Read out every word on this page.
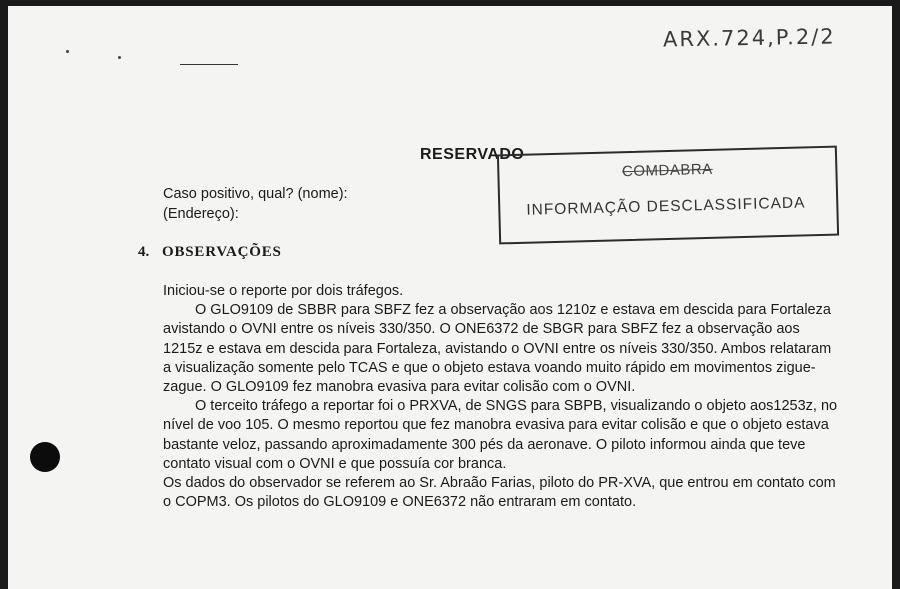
ARX.724,P.2/2
RESERVADO
Caso positivo, qual? (nome):
(Endereço):
COMDABRA
INFORMAÇÃO DESCLASSIFICADA
4. OBSERVAÇÕES

Iniciou-se o reporte por dois tráfegos.

O GLO9109 de SBBR para SBFZ fez a observação aos 1210z e estava em descida para Fortaleza avistando o OVNI entre os níveis 330/350. O ONE6372 de SBGR para SBFZ fez a observação aos 1215z e estava em descida para Fortaleza, avistando o OVNI entre os níveis 330/350. Ambos relataram a visualização somente pelo TCAS e que o objeto estava voando muito rápido em movimentos zigue-zague. O GLO9109 fez manobra evasiva para evitar colisão com o OVNI.

O terceito tráfego a reportar foi o PRXVA, de SNGS para SBPB, visualizando o objeto aos1253z, no nível de voo 105. O mesmo reportou que fez manobra evasiva para evitar colisão e que o objeto estava bastante veloz, passando aproximadamente 300 pés da aeronave. O piloto informou ainda que teve contato visual com o OVNI e que possuía cor branca.

Os dados do observador se referem ao Sr. Abraão Farias, piloto do PR-XVA, que entrou em contato com o COPM3. Os pilotos do GLO9109 e ONE6372 não entraram em contato.
